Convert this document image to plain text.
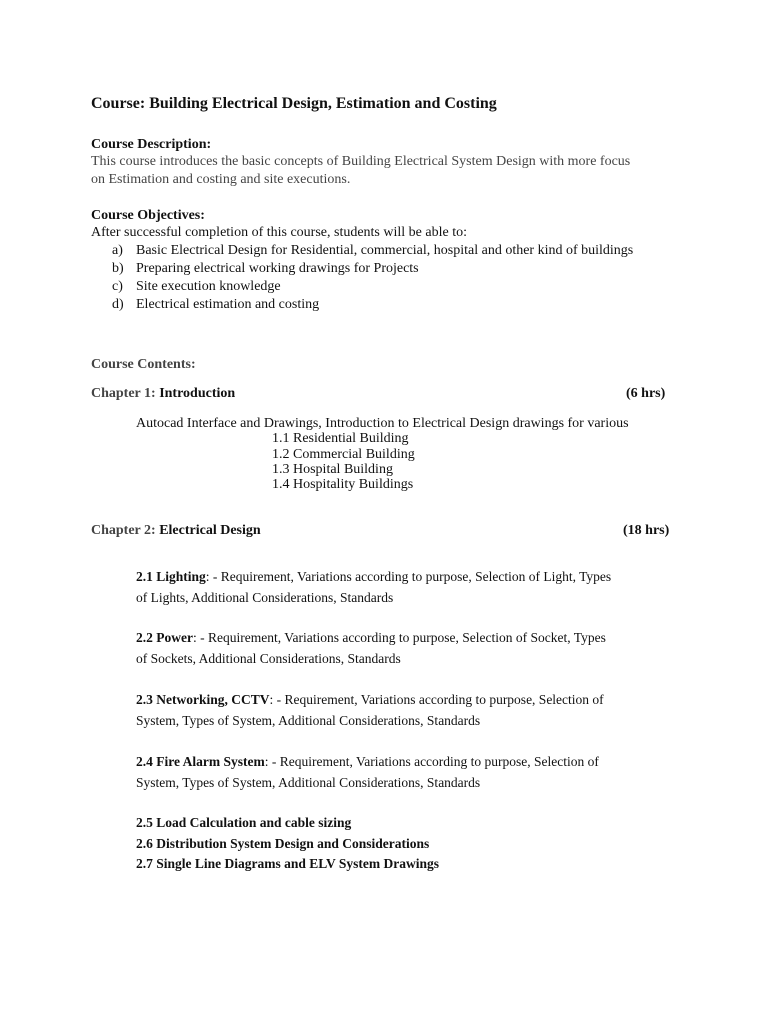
Course: Building Electrical Design, Estimation and Costing
Course Description:
This course introduces the basic concepts of Building Electrical System Design with more focus
on Estimation and costing and site executions.
Course Objectives:
After successful completion of this course, students will be able to:
a) Basic Electrical Design for Residential, commercial, hospital and other kind of buildings
b) Preparing electrical working drawings for Projects
c) Site execution knowledge
d) Electrical estimation and costing
Course Contents:
Chapter 1: Introduction	(6 hrs)
Autocad Interface and Drawings, Introduction to Electrical Design drawings for various
1.1 Residential Building
1.2 Commercial Building
1.3 Hospital Building
1.4 Hospitality Buildings
Chapter 2: Electrical Design	(18 hrs)
2.1 Lighting: - Requirement, Variations according to purpose, Selection of Light, Types
of Lights, Additional Considerations, Standards
2.2 Power: - Requirement, Variations according to purpose, Selection of Socket, Types
of Sockets, Additional Considerations, Standards
2.3 Networking, CCTV: - Requirement, Variations according to purpose, Selection of
System, Types of System, Additional Considerations, Standards
2.4 Fire Alarm System: - Requirement, Variations according to purpose, Selection of
System, Types of System, Additional Considerations, Standards
2.5 Load Calculation and cable sizing
2.6 Distribution System Design and Considerations
2.7 Single Line Diagrams and ELV System Drawings
